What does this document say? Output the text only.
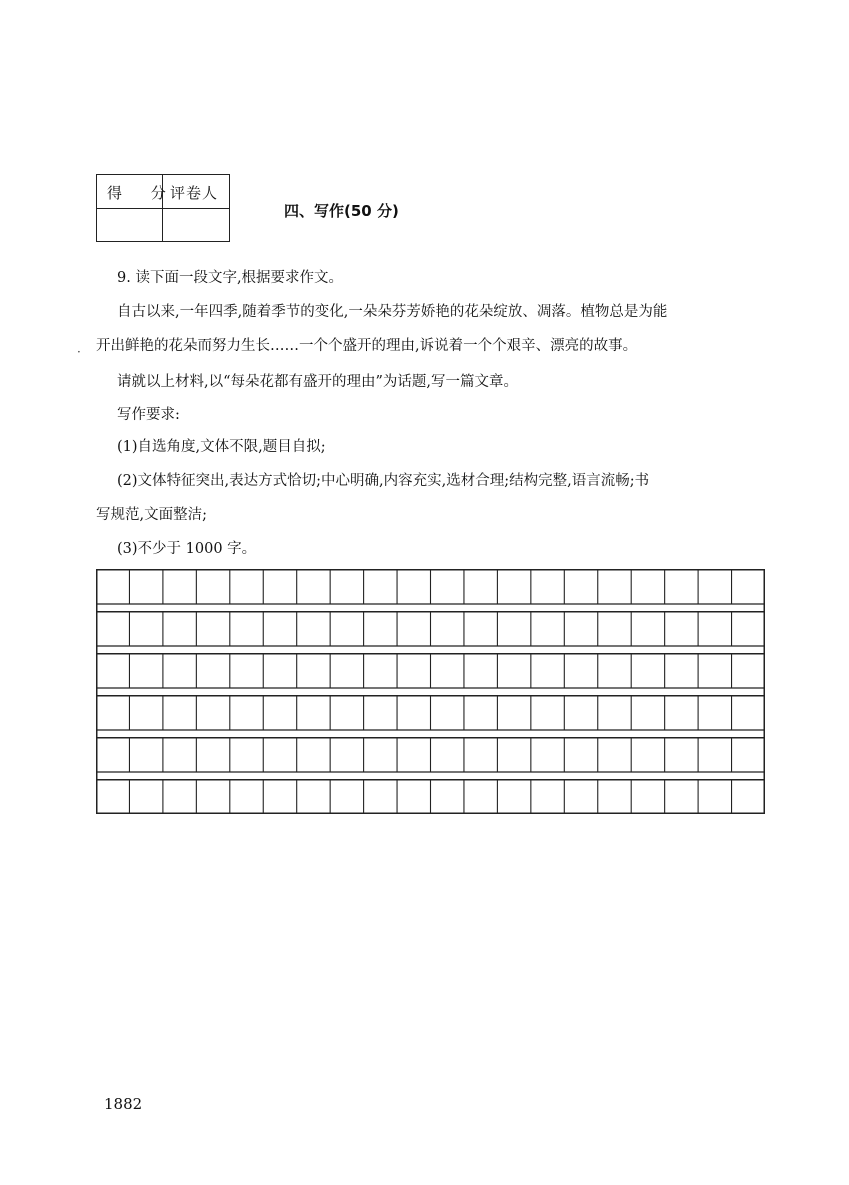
得 分
评卷人
四、写作(50 分)
9. 读下面一段文字,根据要求作文。
自古以来,一年四季,随着季节的变化,一朵朵芬芳娇艳的花朵绽放、凋落。植物总是为能
· 开出鲜艳的花朵而努力生长……一个个盛开的理由,诉说着一个个艰辛、漂亮的故事。
请就以上材料,以“每朵花都有盛开的理由”为话题,写一篇文章。
写作要求:
(1)自选角度,文体不限,题目自拟;
(2)文体特征突出,表达方式恰切;中心明确,内容充实,选材合理;结构完整,语言流畅;书
写规范,文面整洁;
(3)不少于 1000 字。
1882
